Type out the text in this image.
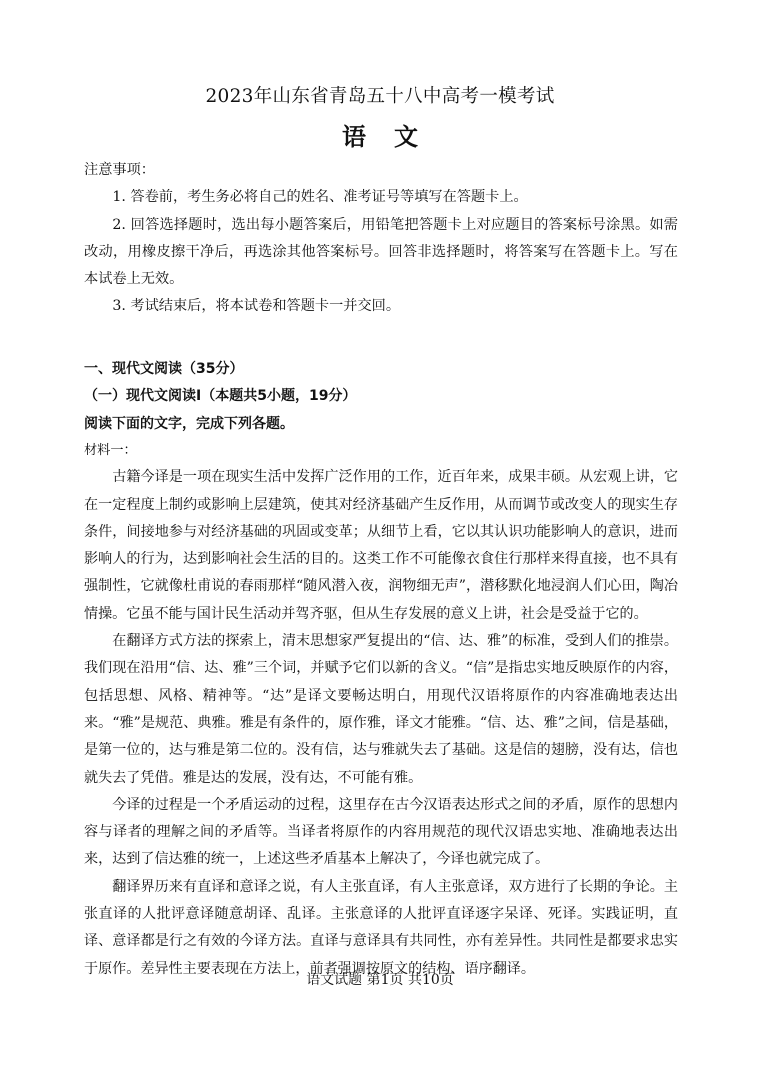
2023年山东省青岛五十八中高考一模考试
语文

注意事项：

1. 答卷前，考生务必将自己的姓名、准考证号等填写在答题卡上。

2. 回答选择题时，选出每小题答案后，用铅笔把答题卡上对应题目的答案标号涂黑。如需改动，用橡皮擦干净后，再选涂其他答案标号。回答非选择题时，将答案写在答题卡上。写在本试卷上无效。

3. 考试结束后，将本试卷和答题卡一并交回。

一、现代文阅读（35分）

（一）现代文阅读Ⅰ（本题共5小题，19分）

阅读下面的文字，完成下列各题。

材料一：

古籍今译是一项在现实生活中发挥广泛作用的工作，近百年来，成果丰硕。从宏观上讲，它在一定程度上制约或影响上层建筑，使其对经济基础产生反作用，从而调节或改变人的现实生存条件，间接地参与对经济基础的巩固或变革；从细节上看，它以其认识功能影响人的意识，进而影响人的行为，达到影响社会生活的目的。这类工作不可能像衣食住行那样来得直接，也不具有强制性，它就像杜甫说的春雨那样“随风潜入夜，润物细无声”，潜移默化地浸润人们心田，陶冶情操。它虽不能与国计民生活动并驾齐驱，但从生存发展的意义上讲，社会是受益于它的。

在翻译方式方法的探索上，清末思想家严复提出的“信、达、雅”的标准，受到人们的推崇。我们现在沿用“信、达、雅”三个词，并赋予它们以新的含义。“信”是指忠实地反映原作的内容，包括思想、风格、精神等。“达”是译文要畅达明白，用现代汉语将原作的内容准确地表达出来。“雅”是规范、典雅。雅是有条件的，原作雅，译文才能雅。“信、达、雅”之间，信是基础，是第一位的，达与雅是第二位的。没有信，达与雅就失去了基础。这是信的翅膀，没有达，信也就失去了凭借。雅是达的发展，没有达，不可能有雅。

今译的过程是一个矛盾运动的过程，这里存在古今汉语表达形式之间的矛盾，原作的思想内容与译者的理解之间的矛盾等。当译者将原作的内容用规范的现代汉语忠实地、准确地表达出来，达到了信达雅的统一，上述这些矛盾基本上解决了，今译也就完成了。

翻译界历来有直译和意译之说，有人主张直译，有人主张意译，双方进行了长期的争论。主张直译的人批评意译随意胡译、乱译。主张意译的人批评直译逐字呆译、死译。实践证明，直译、意译都是行之有效的今译方法。直译与意译具有共同性，亦有差异性。共同性是都要求忠实于原作。差异性主要表现在方法上，前者强调按原文的结构、语序翻译。

语文试题 第1页 共10页
